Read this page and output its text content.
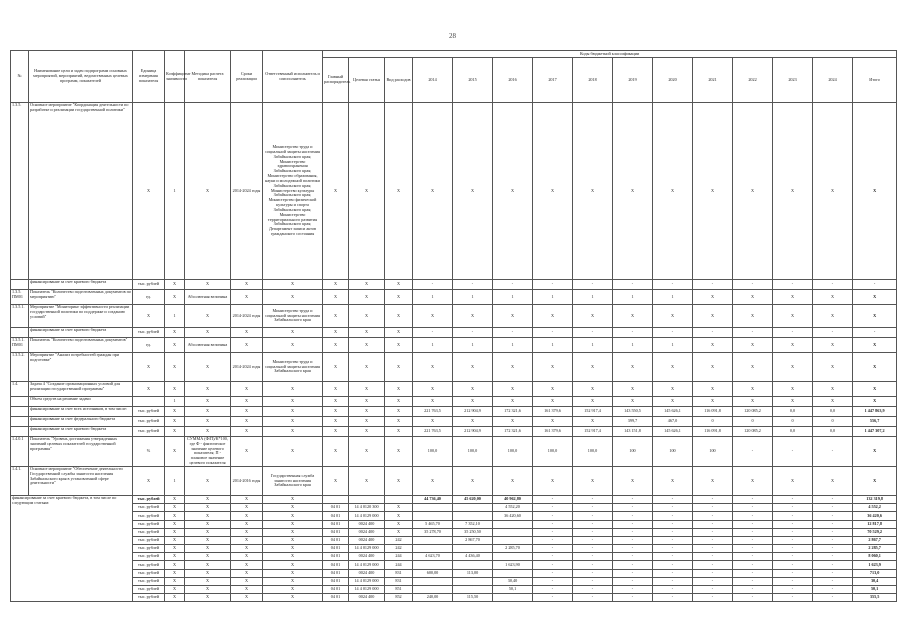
28
№	Наименование цели и задач подпрограмм основных мероприятий, мероприятий, ведомственных целевых программ, показателей	Единица измерения показателя	Коэффициент значимости	Методика расчета показателя	Сроки реализации	Ответственный исполнитель и соисполнитель	Коды бюджетной классификации														
							Главный распорядитель	Целевая статья	Вид расходов	2014	2015	2016	2017	2018	2019	2020	2021	2022	2023	2024	Итого
1.3.5.	Основное мероприятие "Координация деятельности по разработке и реализации государственной политики"	Х	1	Х	2014-2024 годы	Министерство труда и социальной защиты населения Забайкальского края; Министерство здравоохранения Забайкальского края; Министерство образования, науки и молодежной политики Забайкальского края; Министерство культуры Забайкальского края; Министерство физической культуры и спорта Забайкальского края; Министерство территориального развития Забайкальского края; Департамент записи актов гражданского состояния	Х	Х	Х	Х	Х	Х	Х	Х	Х	Х	Х	Х	Х	Х	Х
	финансирование за счет краевого бюджета	тыс. рублей	Х	Х	Х	Х	Х	Х	Х	-	-	-	-	-	-	-	-	-	-	-	-
1.3.5. ПМ01	Показатель "Количество подготовленных документов по мероприятию"	ед.	Х	Абсолютная величина	Х	Х	Х	Х	Х	1	1	1	1	1	1	1	Х	Х	Х	Х	Х
1.3.5.1.	Мероприятие "Мониторинг эффективности реализации государственной политики по поддержке и созданию условий"	Х	1	Х	2014-2024 годы	Министерство труда и социальной защиты населения Забайкальского края	Х	Х	Х	Х	Х	Х	Х	Х	Х	Х	Х	Х	Х	Х	Х
	финансирование за счет краевого бюджета	тыс. рублей	Х	Х	Х	Х	Х	Х	Х	-	-	-	-	-	-	-	-	-	-	-	-
1.3.5.1. ПМ01	Показатель "Количество подготовленных документов"	ед.	Х	Абсолютная величина	Х	Х	Х	Х	Х	1	1	1	1	1	1	1	Х	Х	Х	Х	Х
1.3.5.2.	Мероприятие "Анализ потребностей граждан при подготовке"	Х	Х	Х	2014-2024 годы	Министерство труда и социальной защиты населения Забайкальского края	Х	Х	Х	Х	Х	Х	Х	Х	Х	Х	Х	Х	Х	Х	Х
1.4.	Задача 4 "Создание организационных условий для реализации государственной программы"	Х	Х	Х	Х	Х	Х	Х	Х	Х	Х	Х	Х	Х	Х	Х	Х	Х	Х	Х	Х
	Объем средств на решение задачи		1	Х	Х	Х	Х	Х	Х	Х	Х	Х	Х	Х	Х	Х	Х	Х	Х	Х	Х
	финансирование за счет всех источников, в том числе:	тыс. рублей	Х	Х	Х	Х	Х	Х	Х	221 763,5	212 904,9	172 321,6	161 379,6	152 917,4	143 550,5	145 626,1	116 091,8	120 085,2	0,0	0,0	1 447 863,9
	финансирование за счет федерального бюджета	тыс. рублей	Х	Х	Х	Х	Х	Х	Х	Х	Х	Х	Х	Х	399,7	467,0	0	0	0	0	556,7
	финансирование за счет краевого бюджета	тыс. рублей	Х	Х	Х	Х	Х	Х	Х	221 763,5	212 904,9	172 321,6	161 379,6	152 917,4	143 151,8	145 626,1	116 091,8	120 085,2	0,0	0,0	1 447 307,2
1.4.0.1	Показатель "Уровень достижения утвержденных значений целевых показателей государственной программы"	%	Х	СУММА (Ф/П)/К*100, где Ф - фактическое значение целевого показателя; П - плановое значение целевого показателя	Х	Х	Х	Х	Х	100,0	100,0	100,0	100,0	100,0	100	100	100	-	-	-	Х
1.4.1.	Основное мероприятие "Обеспечение деятельности Государственной службы занятости населения Забайкальского края в установленной сфере деятельности"	Х	1	Х	2014-2016 годы	Государственная служба занятости населения Забайкальского края	Х	Х	Х	Х	Х	Х	Х	Х	Х	Х	Х	Х	Х	Х	Х
финансирование за счет краевого бюджета, в том числе по следующим статьям:		тыс. рублей	Х	Х	Х	Х				44 736,40	45 620,00	40 962,80	-	-	-	-	-	-	-	-	132 319,8
		тыс. рублей	Х	Х	Х	Х	04 01	14 4 0120 300	Х			4 552,20	-	-	-	-	-	-	-	-	4 552,2
		тыс. рублей	Х	Х	Х	Х	04 01	14 4 0129 000	Х			36 420,60	-	-	-	-	-	-	-	-	36 420,6
		тыс. рублей	Х	Х	Х	Х	04 01	0024 400	Х	5 465,70	7 352,10		-	-	-	-	-	-	-	-	12 817,8
		тыс. рублей	Х	Х	Х	Х	04 01	0024 400	Х	35 278,70	35 250,50		-	-	-	-	-	-	-	-	70 529,2
		тыс. рублей	Х	Х	Х	Х	04 01	0024 400	242		2 867,70		-	-	-	-	-	-	-	-	2 867,7
		тыс. рублей	Х	Х	Х	Х	04 01	14 4 0129 000	242			2 285,70	-	-	-	-	-	-	-	-	2 285,7
		тыс. рублей	Х	Х	Х	Х	04 01	0024 400	244	4 623,70	4 436,40		-	-	-	-	-	-	-	-	8 060,1
		тыс. рублей	Х	Х	Х	Х	04 01	14 4 0129 000	244			1 623,90	-	-	-	-	-	-	-	-	1 623,9
		тыс. рублей	Х	Х	Х	Х	04 01	0024 400	831	600,00	113,00		-	-	-	-	-	-	-	-	713,0
		тыс. рублей	Х	Х	Х	Х	04 01	14 4 0129 000	831			30,40	-	-	-	-	-	-	-	-	30,4
		тыс. рублей	Х	Х	Х	Х	04 01	14 4 0129 000	851			50,1	-	-	-	-	-	-	-	-	50,1
		тыс. рублей	Х	Х	Х	Х	04 01	0024 400	852	240,00	115,50		-	-	-	-	-	-	-	-	355,5
